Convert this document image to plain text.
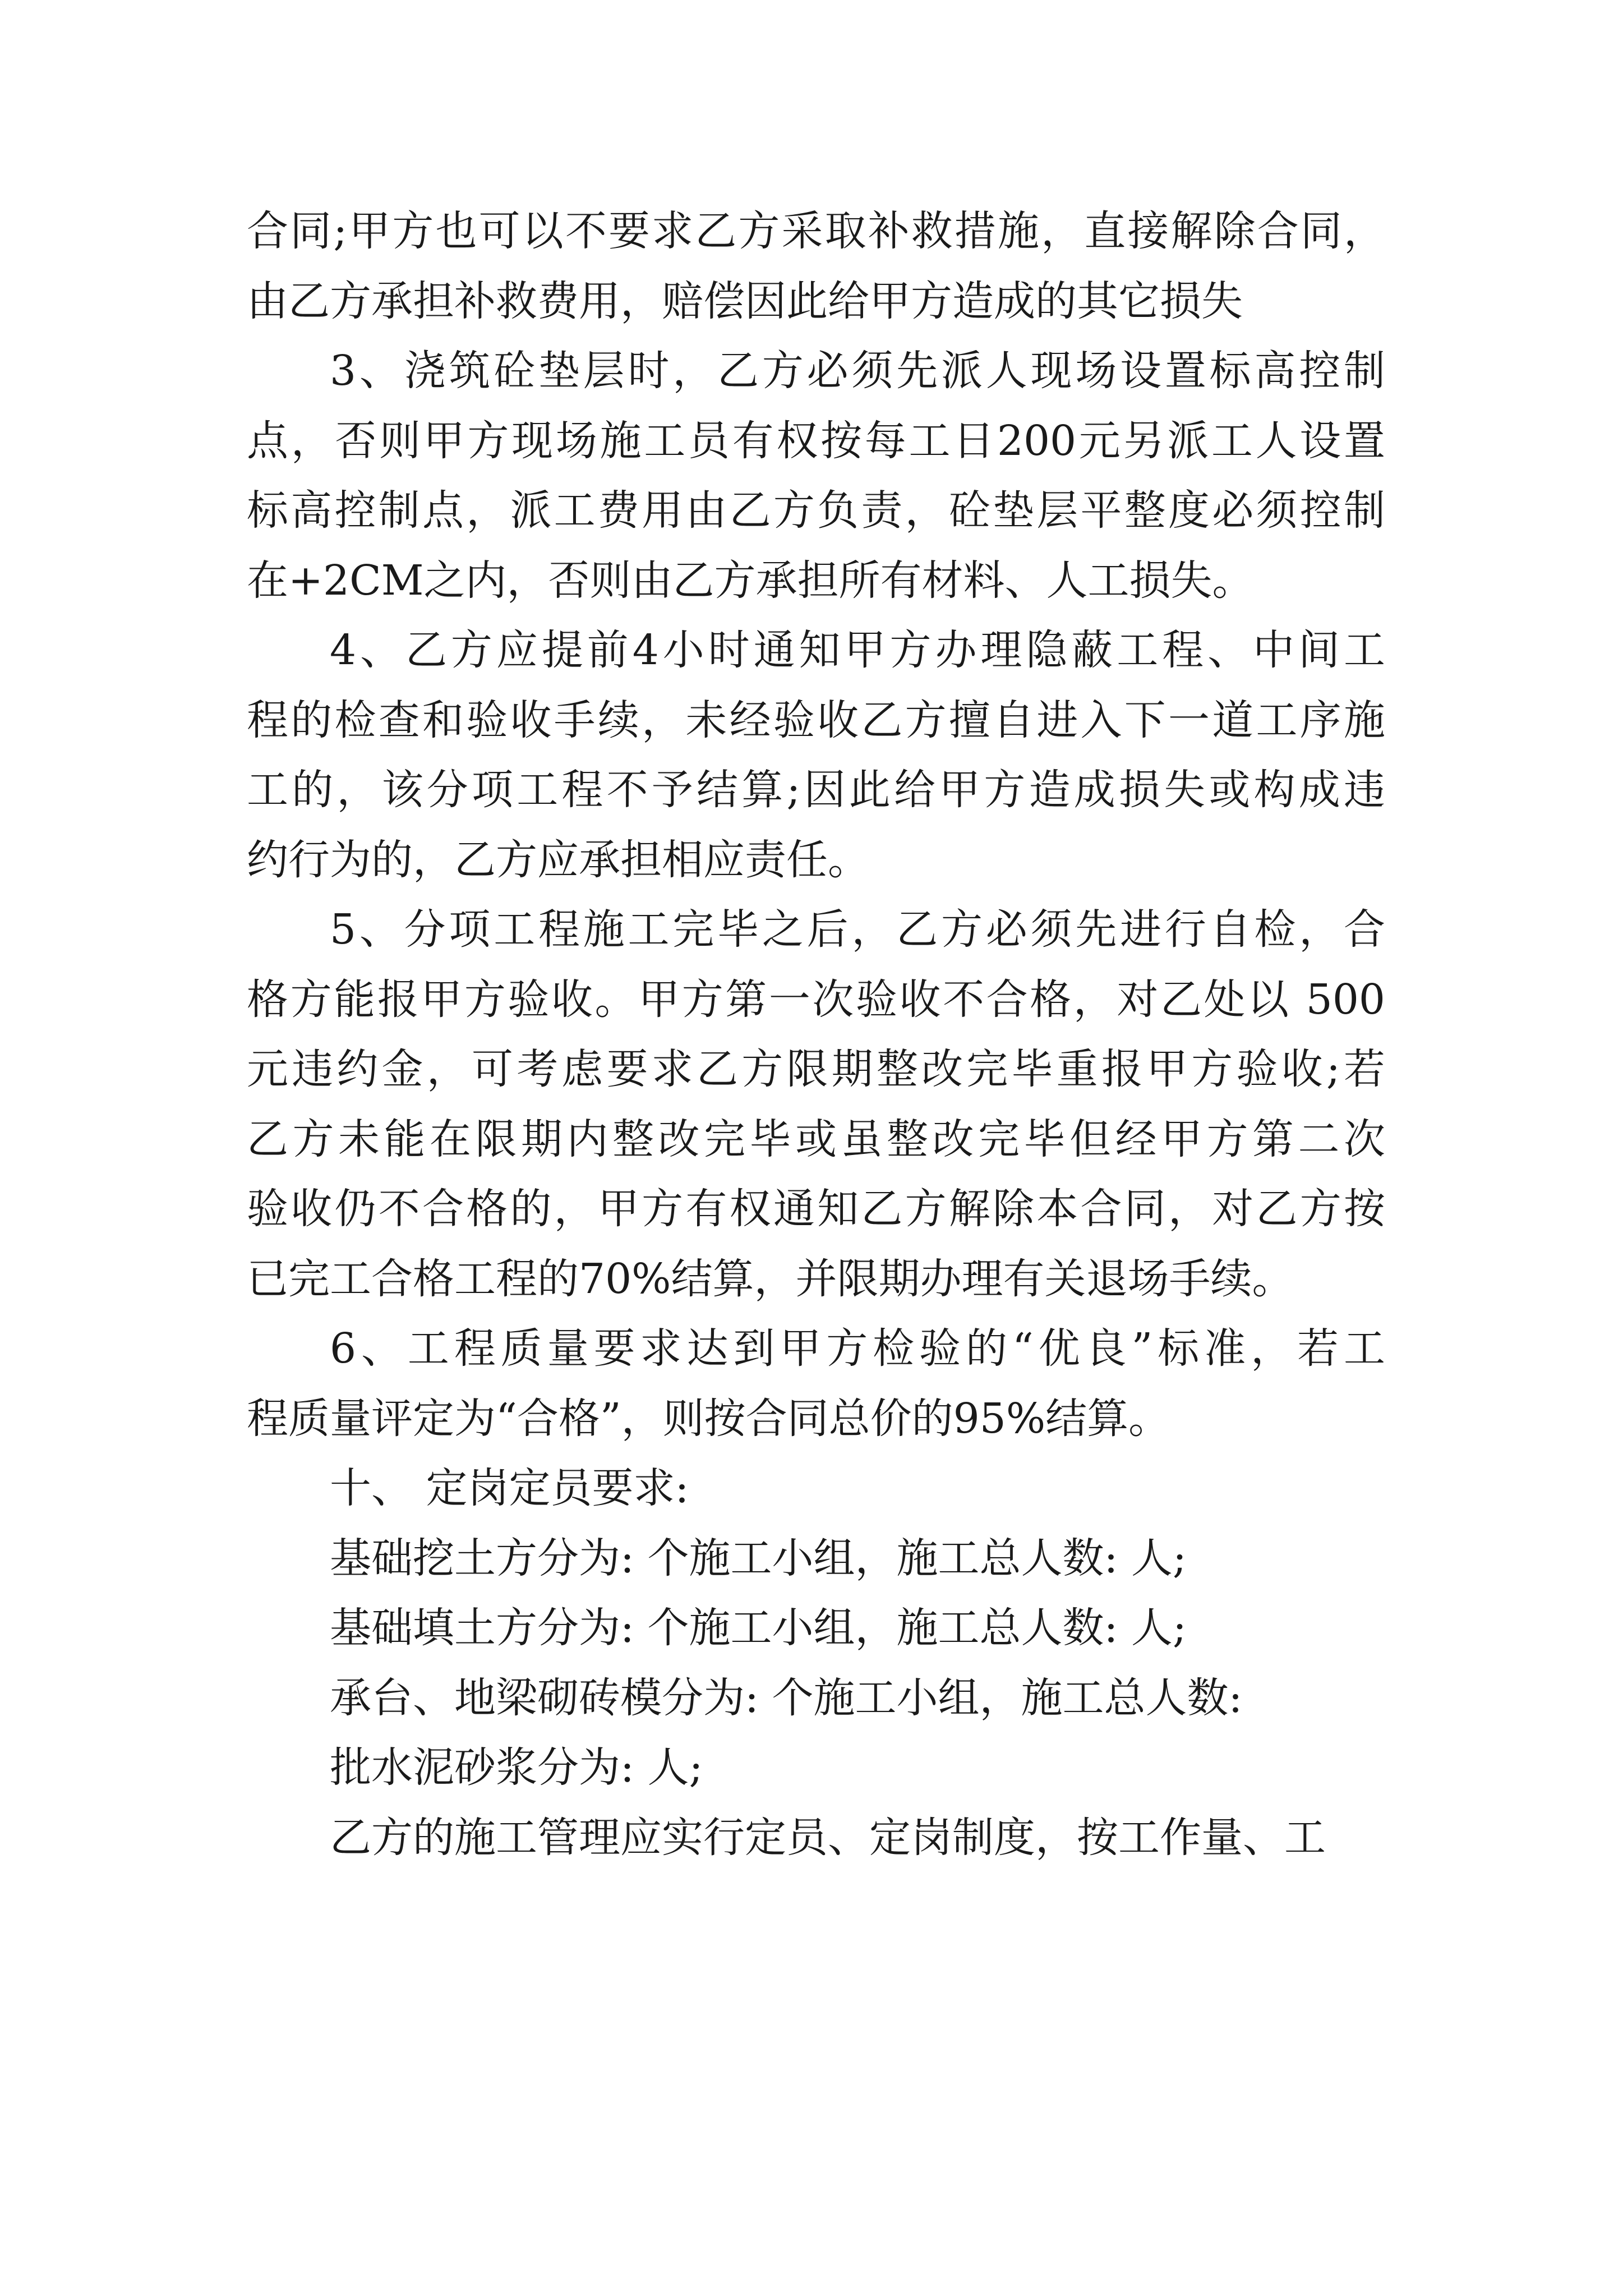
合同;甲方也可以不要求乙方采取补救措施，直接解除合同，
由乙方承担补救费用，赔偿因此给甲方造成的其它损失
3、浇筑砼垫层时，乙方必须先派人现场设置标高控制
点，否则甲方现场施工员有权按每工日200元另派工人设置
标高控制点，派工费用由乙方负责，砼垫层平整度必须控制
在+2CM之内，否则由乙方承担所有材料、人工损失。
4、乙方应提前4小时通知甲方办理隐蔽工程、中间工
程的检查和验收手续，未经验收乙方擅自进入下一道工序施
工的，该分项工程不予结算;因此给甲方造成损失或构成违
约行为的，乙方应承担相应责任。
5、分项工程施工完毕之后，乙方必须先进行自检，合
格方能报甲方验收。甲方第一次验收不合格，对乙处以 500
元违约金，可考虑要求乙方限期整改完毕重报甲方验收;若
乙方未能在限期内整改完毕或虽整改完毕但经甲方第二次
验收仍不合格的，甲方有权通知乙方解除本合同，对乙方按
已完工合格工程的70%结算，并限期办理有关退场手续。
6、工程质量要求达到甲方检验的“优良”标准，若工
程质量评定为“合格”，则按合同总价的95%结算。
十、 定岗定员要求:
基础挖土方分为: 个施工小组，施工总人数: 人;
基础填土方分为: 个施工小组，施工总人数: 人;
承台、地梁砌砖模分为: 个施工小组，施工总人数:
批水泥砂浆分为: 人;
乙方的施工管理应实行定员、定岗制度，按工作量、工
